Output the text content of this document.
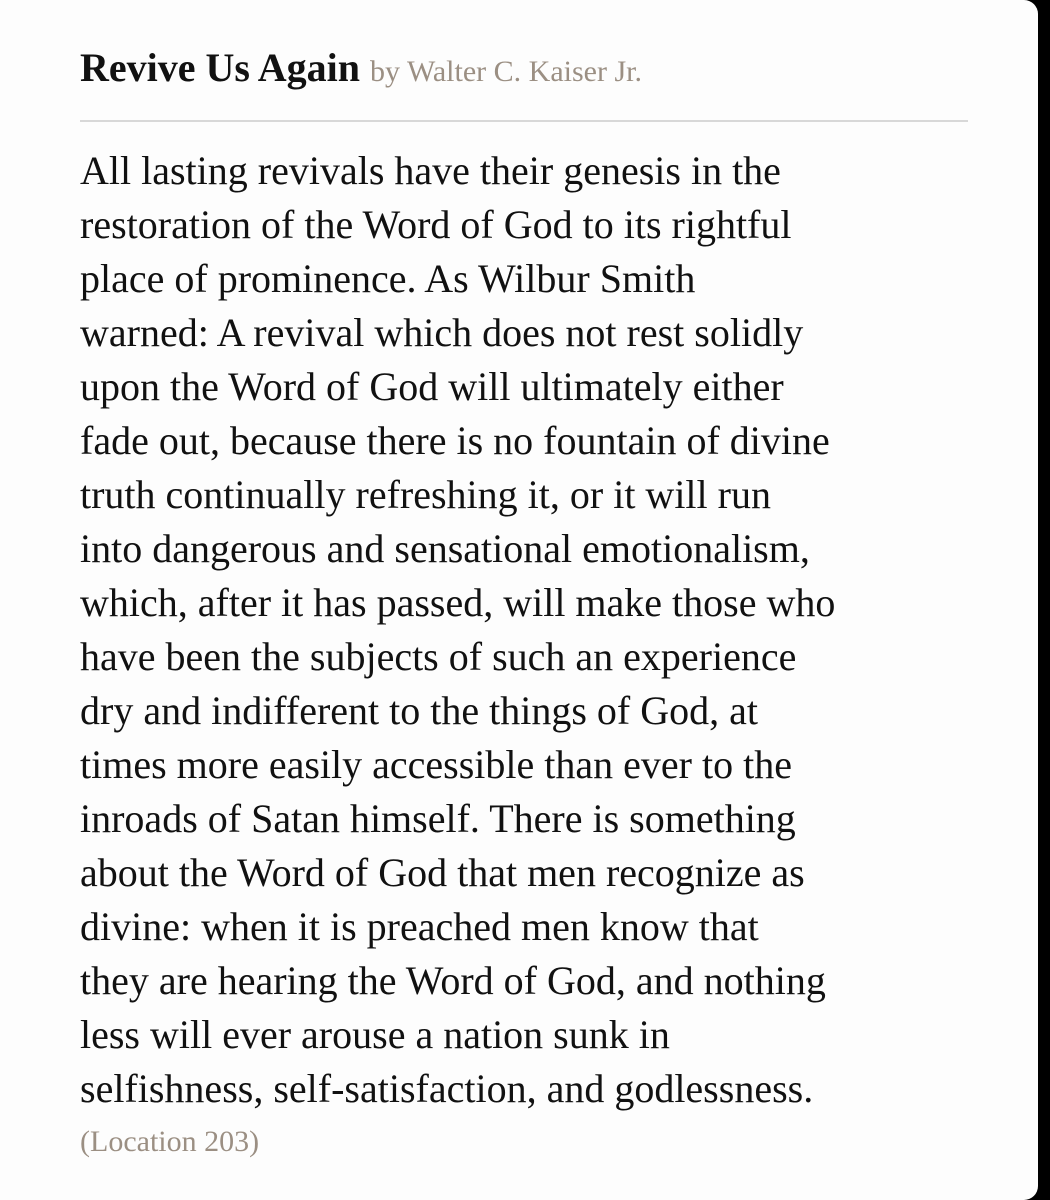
Revive Us Again by Walter C. Kaiser Jr.
All lasting revivals have their genesis in the
restoration of the Word of God to its rightful
place of prominence. As Wilbur Smith
warned: A revival which does not rest solidly
upon the Word of God will ultimately either
fade out, because there is no fountain of divine
truth continually refreshing it, or it will run
into dangerous and sensational emotionalism,
which, after it has passed, will make those who
have been the subjects of such an experience
dry and indifferent to the things of God, at
times more easily accessible than ever to the
inroads of Satan himself. There is something
about the Word of God that men recognize as
divine: when it is preached men know that
they are hearing the Word of God, and nothing
less will ever arouse a nation sunk in
selfishness, self-satisfaction, and godlessness.
(Location 203)
